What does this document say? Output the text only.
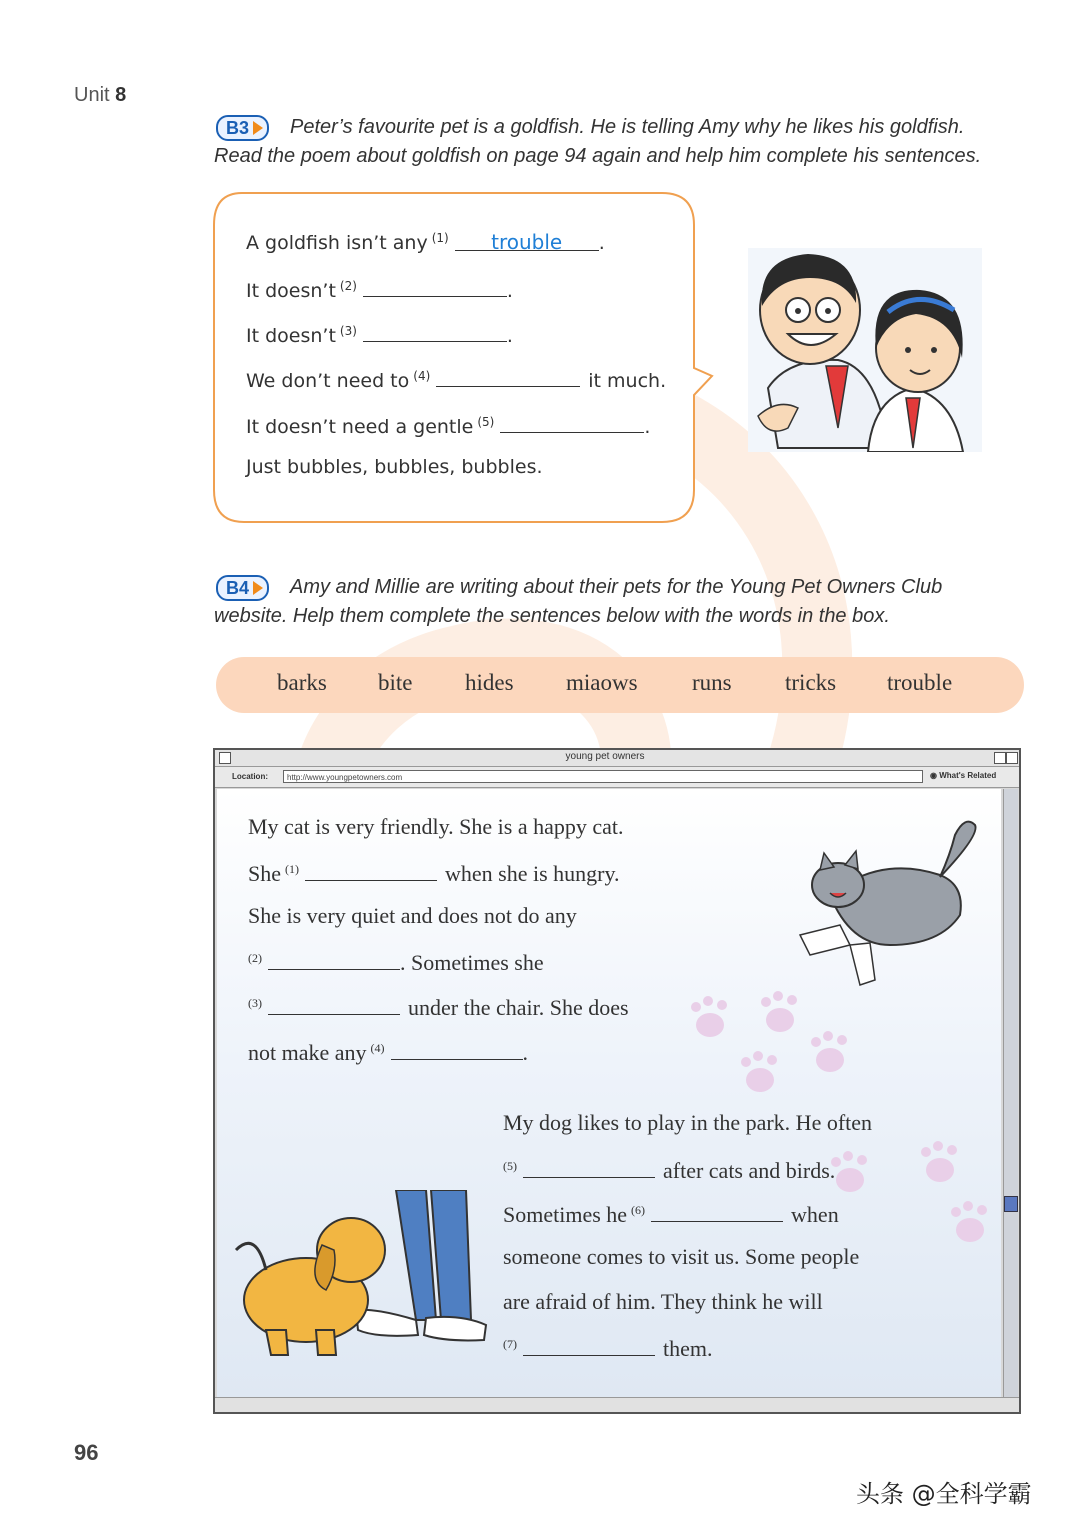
Unit 8
B3	Peter’s favourite pet is a goldfish. He is telling Amy why he likes his goldfish.
Read the poem about goldfish on page 94 again and help him complete his sentences.
A goldfish isn’t any $^{(1)}$ trouble .
It doesn’t $^{(2)}$	.
It doesn’t $^{(3)}$	.
We don’t need to $^{(4)}$	it much.
It doesn’t need a gentle $^{(5)}$	.
Just bubbles, bubbles, bubbles.
B4	Amy and Millie are writing about their pets for the Young Pet Owners Club
website. Help them complete the sentences below with the words in the box.
barks bite hides miaows runs tricks trouble
young pet owners
Location:	http://www.youngpetowners.com	◉ What's Related
My cat is very friendly. She is a happy cat.
She $^{(1)}$	when she is hungry.
She is very quiet and does not do any
$^{(2)}$	. Sometimes she
$^{(3)}$	under the chair. She does
not make any $^{(4)}$	.
My dog likes to play in the park. He often
$^{(5)}$	after cats and birds.
Sometimes he $^{(6)}$	when
someone comes to visit us. Some people
are afraid of him. They think he will
$^{(7)}$	them.
96
头条 @全科学霸
